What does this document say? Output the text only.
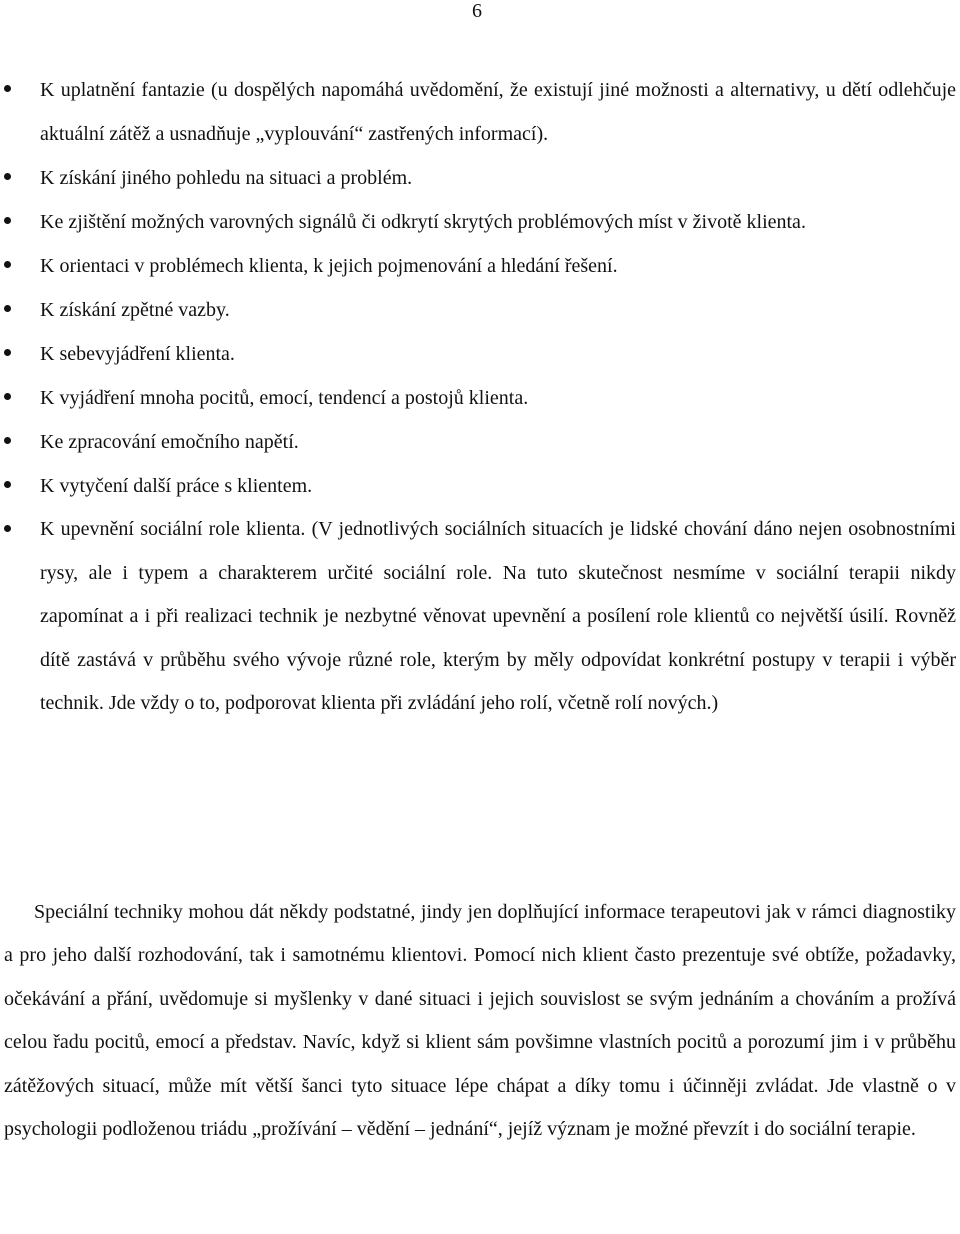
6
K uplatnění fantazie (u dospělých napomáhá uvědomění, že existují jiné možnosti a alternativy, u dětí odlehčuje aktuální zátěž a usnadňuje „vyplouvání“ zastřených informací).
K získání jiného pohledu na situaci a problém.
Ke zjištění možných varovných signálů či odkrytí skrytých problémových míst v životě klienta.
K orientaci v problémech klienta, k jejich pojmenování a hledání řešení.
K získání zpětné vazby.
K sebevyjádření klienta.
K vyjádření mnoha pocitů, emocí, tendencí a postojů klienta.
Ke zpracování emočního napětí.
K vytyčení další práce s klientem.
K upevnění sociální role klienta. (V jednotlivých sociálních situacích je lidské chování dáno nejen osobnostními rysy, ale i typem a charakterem určité sociální role. Na tuto skutečnost nesmíme v sociální terapii nikdy zapomínat a i při realizaci technik je nezbytné věnovat upevnění a posílení role klientů co největší úsilí. Rovněž dítě zastává v průběhu svého vývoje různé role, kterým by měly odpovídat konkrétní postupy v terapii i výběr technik. Jde vždy o to, podporovat klienta při zvládání jeho rolí, včetně rolí nových.)

Speciální techniky mohou dát někdy podstatné, jindy jen doplňující informace terapeutovi jak v rámci diagnostiky a pro jeho další rozhodování, tak i samotnému klientovi. Pomocí nich klient často prezentuje své obtíže, požadavky, očekávání a přání, uvědomuje si myšlenky v dané situaci i jejich souvislost se svým jednáním a chováním a prožívá celou řadu pocitů, emocí a představ. Navíc, když si klient sám povšimne vlastních pocitů a porozumí jim i v průběhu zátěžových situací, může mít větší šanci tyto situace lépe chápat a díky tomu i účinněji zvládat. Jde vlastně o v psychologii podloženou triádu „prožívání – vědění – jednání“, jejíž význam je možné převzít i do sociální terapie.
